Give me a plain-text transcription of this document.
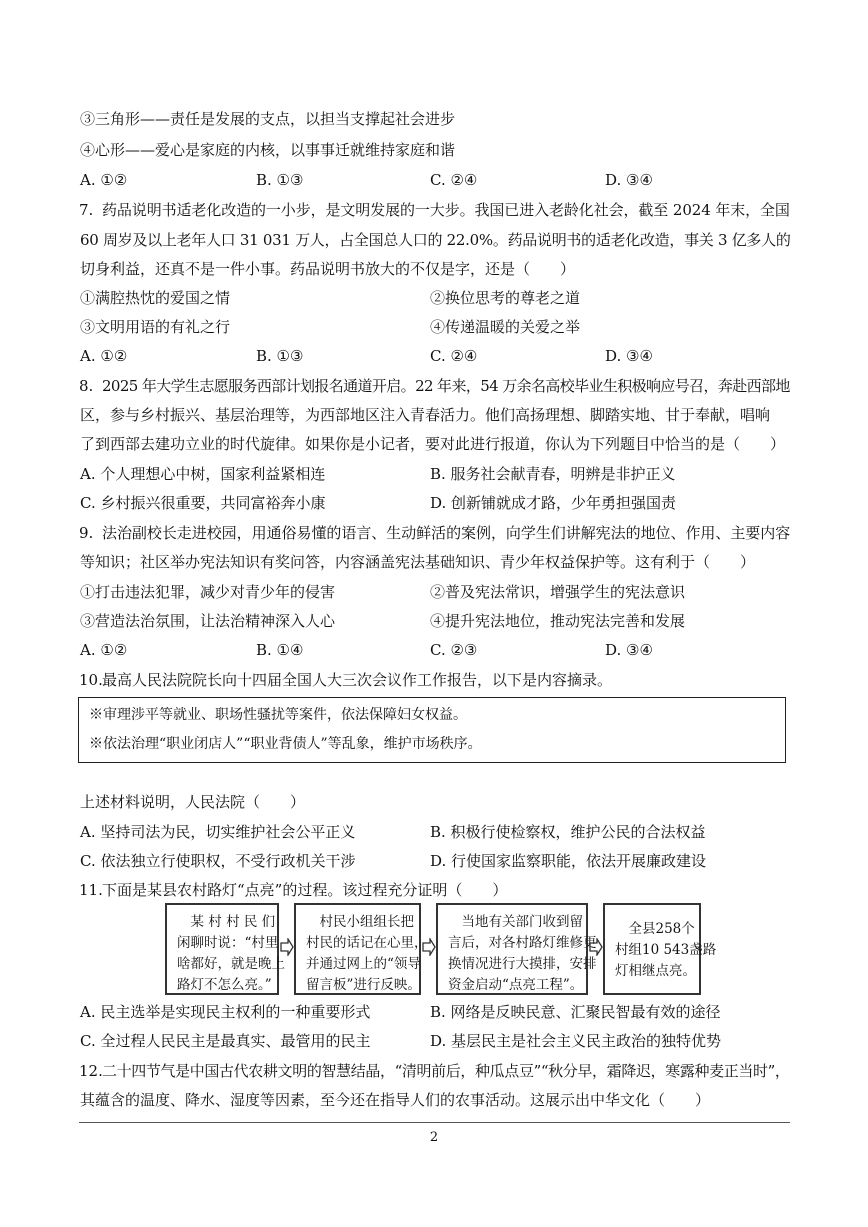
③三角形——责任是发展的支点，以担当支撑起社会进步
④心形——爱心是家庭的内核，以事事迁就维持家庭和谐
A. ①②	B. ①③	C. ②④	D. ③④
7. 药品说明书适老化改造的一小步，是文明发展的一大步。我国已进入老龄化社会，截至 2024 年末，全国
60 周岁及以上老年人口 31 031 万人，占全国总人口的 22.0%。药品说明书的适老化改造，事关 3 亿多人的
切身利益，还真不是一件小事。药品说明书放大的不仅是字，还是（　　）
①满腔热忱的爱国之情	②换位思考的尊老之道
③文明用语的有礼之行	④传递温暖的关爱之举
A. ①②	B. ①③	C. ②④	D. ③④
8. 2025 年大学生志愿服务西部计划报名通道开启。22 年来，54 万余名高校毕业生积极响应号召，奔赴西部地
区，参与乡村振兴、基层治理等，为西部地区注入青春活力。他们高扬理想、脚踏实地、甘于奉献，唱响
了到西部去建功立业的时代旋律。如果你是小记者，要对此进行报道，你认为下列题目中恰当的是（　　）
A. 个人理想心中树，国家利益紧相连	B. 服务社会献青春，明辨是非护正义
C. 乡村振兴很重要，共同富裕奔小康	D. 创新铺就成才路，少年勇担强国责
9. 法治副校长走进校园，用通俗易懂的语言、生动鲜活的案例，向学生们讲解宪法的地位、作用、主要内容
等知识；社区举办宪法知识有奖问答，内容涵盖宪法基础知识、青少年权益保护等。这有利于（　　）
①打击违法犯罪，减少对青少年的侵害	②普及宪法常识，增强学生的宪法意识
③营造法治氛围，让法治精神深入人心	④提升宪法地位，推动宪法完善和发展
A. ①②	B. ①④	C. ②③	D. ③④
10. 最高人民法院院长向十四届全国人大三次会议作工作报告，以下是内容摘录。
※审理涉平等就业、职场性骚扰等案件，依法保障妇女权益。
※依法治理“职业闭店人”“职业背债人”等乱象，维护市场秩序。
上述材料说明，人民法院（　　）
A. 坚持司法为民，切实维护社会公平正义	B. 积极行使检察权，维护公民的合法权益
C. 依法独立行使职权，不受行政机关干涉	D. 行使国家监察职能，依法开展廉政建设
11. 下面是某县农村路灯“点亮”的过程。该过程充分证明（　　）
　某 村 村 民 们
闲聊时说：“村里
啥都好，就是晚上
路灯不怎么亮。”
　村民小组组长把
村民的话记在心里，
并通过网上的“领导
留言板”进行反映。
　当地有关部门收到留
言后，对各村路灯维修更
换情况进行大摸排，安排
资金启动“点亮工程”。
　全县258个
村组10 543盏路
灯相继点亮。
A. 民主选举是实现民主权利的一种重要形式	B. 网络是反映民意、汇聚民智最有效的途径
C. 全过程人民民主是最真实、最管用的民主	D. 基层民主是社会主义民主政治的独特优势
12. 二十四节气是中国古代农耕文明的智慧结晶，“清明前后，种瓜点豆”“秋分早，霜降迟，寒露种麦正当时”，
其蕴含的温度、降水、湿度等因素，至今还在指导人们的农事活动。这展示出中华文化（　　）
2
